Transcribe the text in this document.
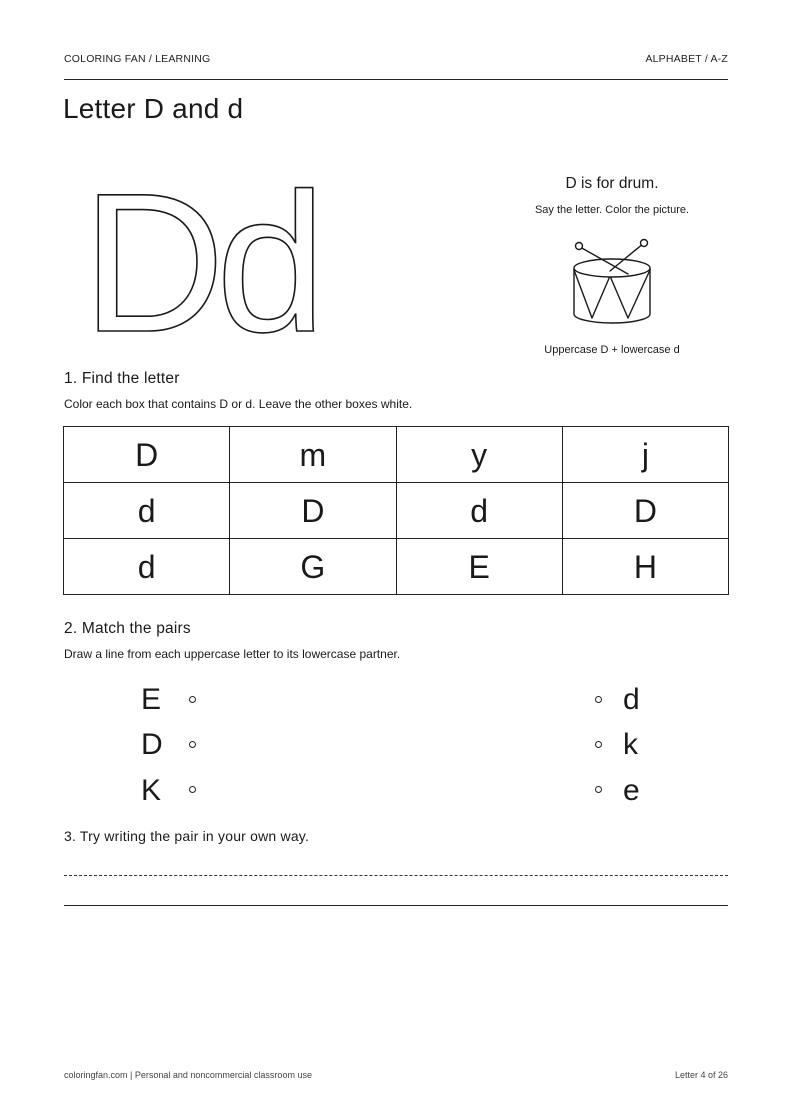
COLORING FAN / LEARNING	ALPHABET / A-Z
Letter D and d
D
d	D is for drum.
Say the letter. Color the picture.
Uppercase D + lowercase d
1. Find the letter
Color each box that contains D or d. Leave the other boxes white.
D	m	y	j
d	D	d	D
d	G	E	H
2. Match the pairs
Draw a line from each uppercase letter to its lowercase partner.
E
D
K
d
k
e
3. Try writing the pair in your own way.
coloringfan.com | Personal and noncommercial classroom use	Letter 4 of 26
